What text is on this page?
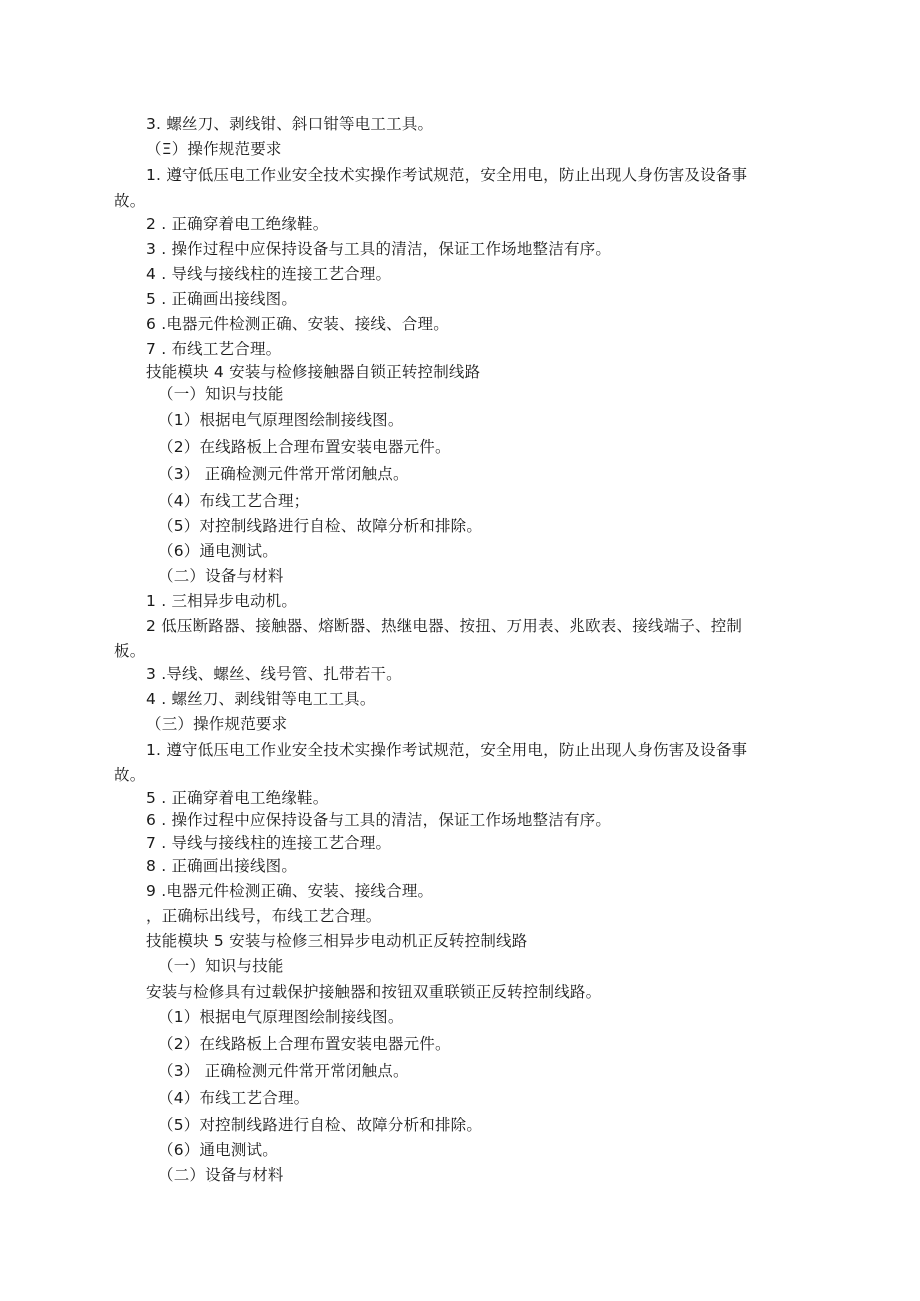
3. 螺丝刀、剥线钳、斜口钳等电工工具。
（Ξ）操作规范要求
1. 遵守低压电工作业安全技术实操作考试规范，安全用电，防止出现人身伤害及设备事
故。
2 . 正确穿着电工绝缘鞋。
3 . 操作过程中应保持设备与工具的清洁，保证工作场地整洁有序。
4 . 导线与接线柱的连接工艺合理。
5 . 正确画出接线图。
6 .电器元件检测正确、安装、接线、合理。
7 . 布线工艺合理。
技能模块 4 安装与检修接触器自锁正转控制线路
（一）知识与技能
（1）根据电气原理图绘制接线图。
（2）在线路板上合理布置安装电器元件。
（3） 正确检测元件常开常闭触点。
（4）布线工艺合理；
（5）对控制线路进行自检、故障分析和排除。
（6）通电测试。
（二）设备与材料
1 . 三相异步电动机。
2 低压断路器、接触器、熔断器、热继电器、按扭、万用表、兆欧表、接线端子、控制
板。
3 .导线、螺丝、线号管、扎带若干。
4 . 螺丝刀、剥线钳等电工工具。
（三）操作规范要求
1. 遵守低压电工作业安全技术实操作考试规范，安全用电，防止出现人身伤害及设备事
故。
5 . 正确穿着电工绝缘鞋。
6 . 操作过程中应保持设备与工具的清洁，保证工作场地整洁有序。
7 . 导线与接线柱的连接工艺合理。
8 . 正确画出接线图。
9 .电器元件检测正确、安装、接线合理。
，正确标出线号，布线工艺合理。
技能模块 5 安装与检修三相异步电动机正反转控制线路
（一）知识与技能
安装与检修具有过载保护接触器和按钮双重联锁正反转控制线路。
（1）根据电气原理图绘制接线图。
（2）在线路板上合理布置安装电器元件。
（3） 正确检测元件常开常闭触点。
（4）布线工艺合理。
（5）对控制线路进行自检、故障分析和排除。
（6）通电测试。
（二）设备与材料
